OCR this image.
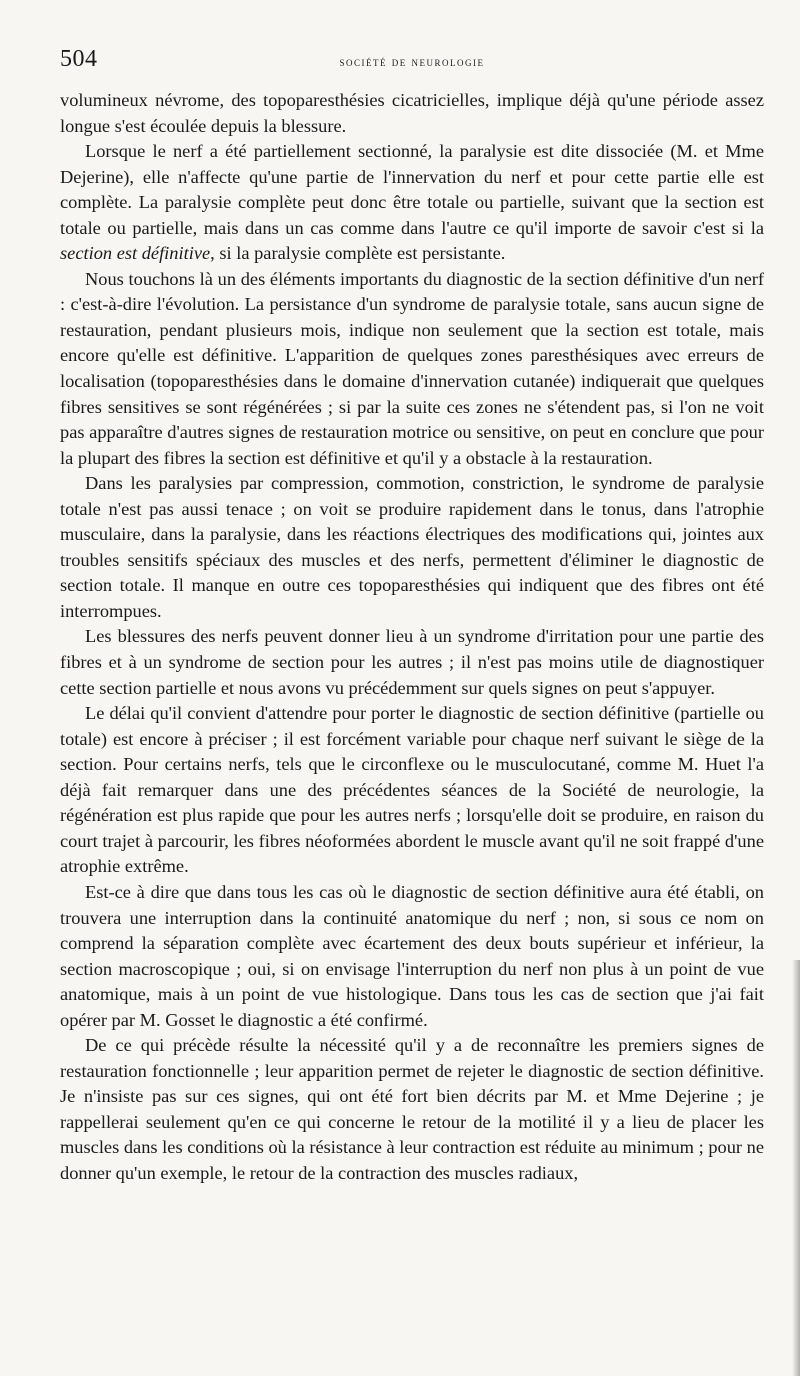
504	société de neurologie

volumineux névrome, des topoparesthésies cicatricielles, implique déjà qu'une période assez longue s'est écoulée depuis la blessure.

Lorsque le nerf a été partiellement sectionné, la paralysie est dite dissociée (M. et Mme Dejerine), elle n'affecte qu'une partie de l'innervation du nerf et pour cette partie elle est complète. La paralysie complète peut donc être totale ou partielle, suivant que la section est totale ou partielle, mais dans un cas comme dans l'autre ce qu'il importe de savoir c'est si la section est définitive, si la paralysie complète est persistante.

Nous touchons là un des éléments importants du diagnostic de la section définitive d'un nerf : c'est-à-dire l'évolution. La persistance d'un syndrome de paralysie totale, sans aucun signe de restauration, pendant plusieurs mois, indique non seulement que la section est totale, mais encore qu'elle est définitive. L'apparition de quelques zones paresthésiques avec erreurs de localisation (topoparesthésies dans le domaine d'innervation cutanée) indiquerait que quelques fibres sensitives se sont régénérées ; si par la suite ces zones ne s'étendent pas, si l'on ne voit pas apparaître d'autres signes de restauration motrice ou sensitive, on peut en conclure que pour la plupart des fibres la section est définitive et qu'il y a obstacle à la restauration.

Dans les paralysies par compression, commotion, constriction, le syndrome de paralysie totale n'est pas aussi tenace ; on voit se produire rapidement dans le tonus, dans l'atrophie musculaire, dans la paralysie, dans les réactions électriques des modifications qui, jointes aux troubles sensitifs spéciaux des muscles et des nerfs, permettent d'éliminer le diagnostic de section totale. Il manque en outre ces topoparesthésies qui indiquent que des fibres ont été interrompues.

Les blessures des nerfs peuvent donner lieu à un syndrome d'irritation pour une partie des fibres et à un syndrome de section pour les autres ; il n'est pas moins utile de diagnostiquer cette section partielle et nous avons vu précédemment sur quels signes on peut s'appuyer.

Le délai qu'il convient d'attendre pour porter le diagnostic de section définitive (partielle ou totale) est encore à préciser ; il est forcément variable pour chaque nerf suivant le siège de la section. Pour certains nerfs, tels que le circonflexe ou le musculocutané, comme M. Huet l'a déjà fait remarquer dans une des précédentes séances de la Société de neurologie, la régénération est plus rapide que pour les autres nerfs ; lorsqu'elle doit se produire, en raison du court trajet à parcourir, les fibres néoformées abordent le muscle avant qu'il ne soit frappé d'une atrophie extrême.

Est-ce à dire que dans tous les cas où le diagnostic de section définitive aura été établi, on trouvera une interruption dans la continuité anatomique du nerf ; non, si sous ce nom on comprend la séparation complète avec écartement des deux bouts supérieur et inférieur, la section macroscopique ; oui, si on envisage l'interruption du nerf non plus à un point de vue anatomique, mais à un point de vue histologique. Dans tous les cas de section que j'ai fait opérer par M. Gosset le diagnostic a été confirmé.

De ce qui précède résulte la nécessité qu'il y a de reconnaître les premiers signes de restauration fonctionnelle ; leur apparition permet de rejeter le diagnostic de section définitive. Je n'insiste pas sur ces signes, qui ont été fort bien décrits par M. et Mme Dejerine ; je rappellerai seulement qu'en ce qui concerne le retour de la motilité il y a lieu de placer les muscles dans les conditions où la résistance à leur contraction est réduite au minimum ; pour ne donner qu'un exemple, le retour de la contraction des muscles radiaux,
